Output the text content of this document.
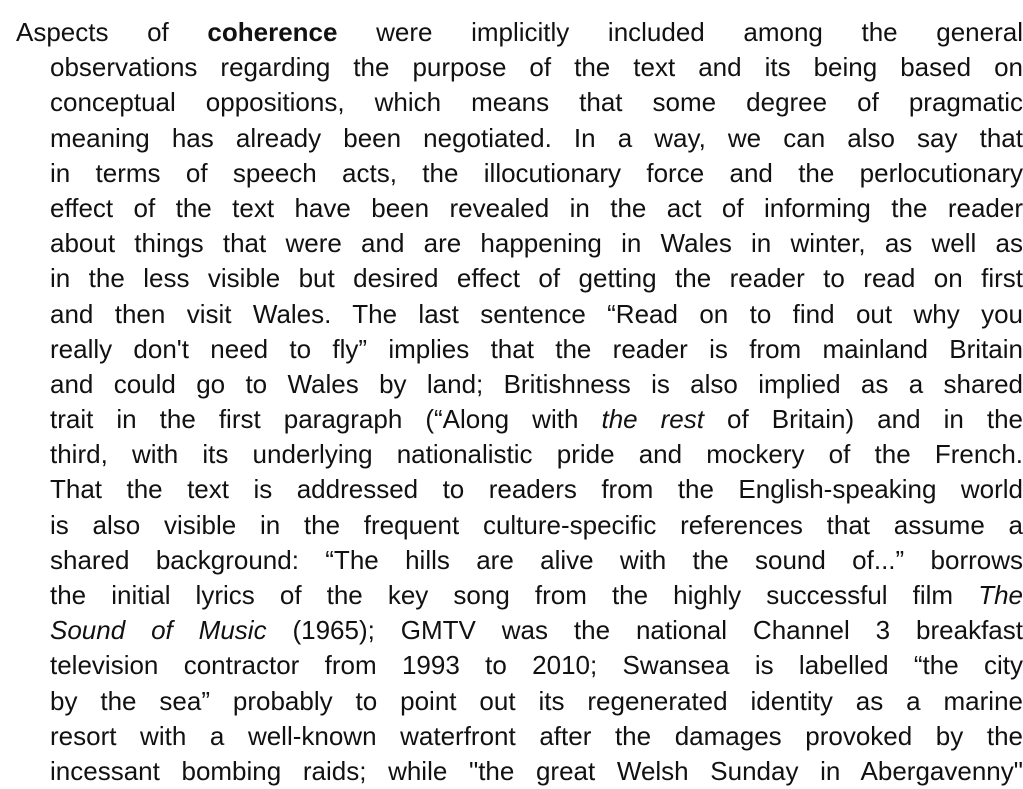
Aspects of coherence were implicitly included among the general
observations regarding the purpose of the text and its being based on
conceptual oppositions, which means that some degree of pragmatic
meaning has already been negotiated. In a way, we can also say that
in terms of speech acts, the illocutionary force and the perlocutionary
effect of the text have been revealed in the act of informing the reader
about things that were and are happening in Wales in winter, as well as
in the less visible but desired effect of getting the reader to read on first
and then visit Wales. The last sentence “Read on to find out why you
really don't need to fly” implies that the reader is from mainland Britain
and could go to Wales by land; Britishness is also implied as a shared
trait in the first paragraph (“Along with the rest of Britain) and in the
third, with its underlying nationalistic pride and mockery of the French.
That the text is addressed to readers from the English-speaking world
is also visible in the frequent culture-specific references that assume a
shared background: “The hills are alive with the sound of...” borrows
the initial lyrics of the key song from the highly successful film The
Sound of Music (1965); GMTV was the national Channel 3 breakfast
television contractor from 1993 to 2010; Swansea is labelled “the city
by the sea” probably to point out its regenerated identity as a marine
resort with a well-known waterfront after the damages provoked by the
incessant bombing raids; while "the great Welsh Sunday in Abergavenny"
